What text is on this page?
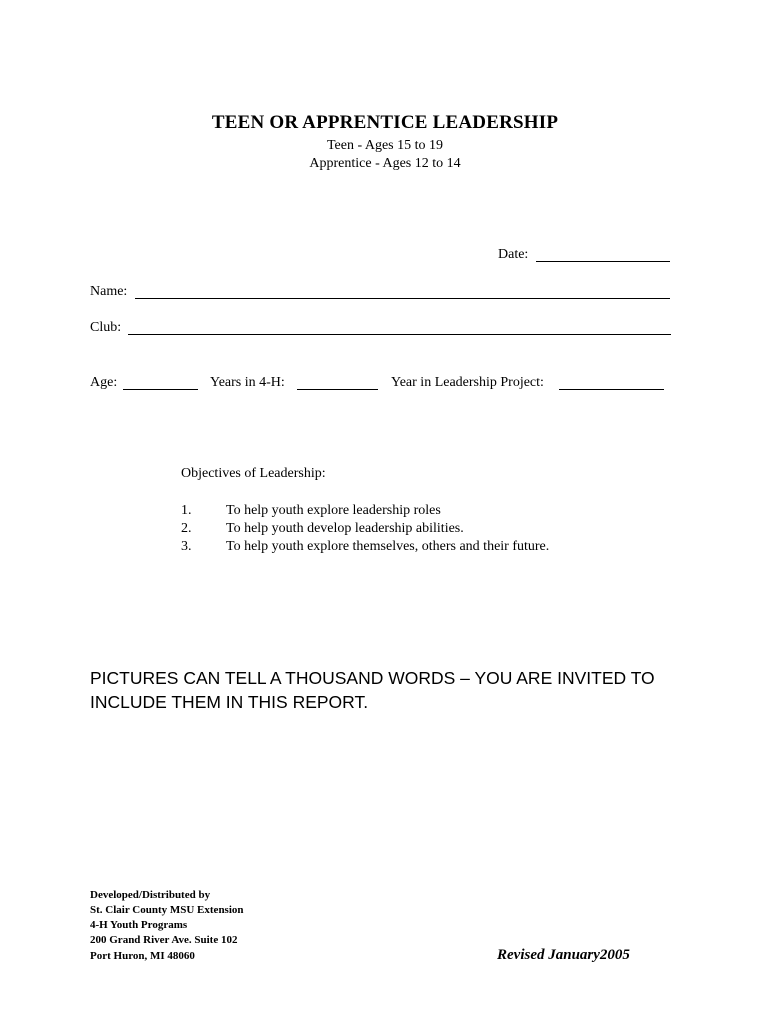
TEEN OR APPRENTICE LEADERSHIP
Teen - Ages 15 to 19
Apprentice - Ages 12 to 14
Date:
Name:
Club:
Age:	Years in 4-H:	Year in Leadership Project:
Objectives of Leadership:
1. To help youth explore leadership roles
2. To help youth develop leadership abilities.
3. To help youth explore themselves, others and their future.
PICTURES CAN TELL A THOUSAND WORDS – YOU ARE INVITED TO INCLUDE THEM IN THIS REPORT.
Developed/Distributed by
St. Clair County MSU Extension
4-H Youth Programs
200 Grand River Ave. Suite 102
Port Huron, MI 48060	Revised January2005
